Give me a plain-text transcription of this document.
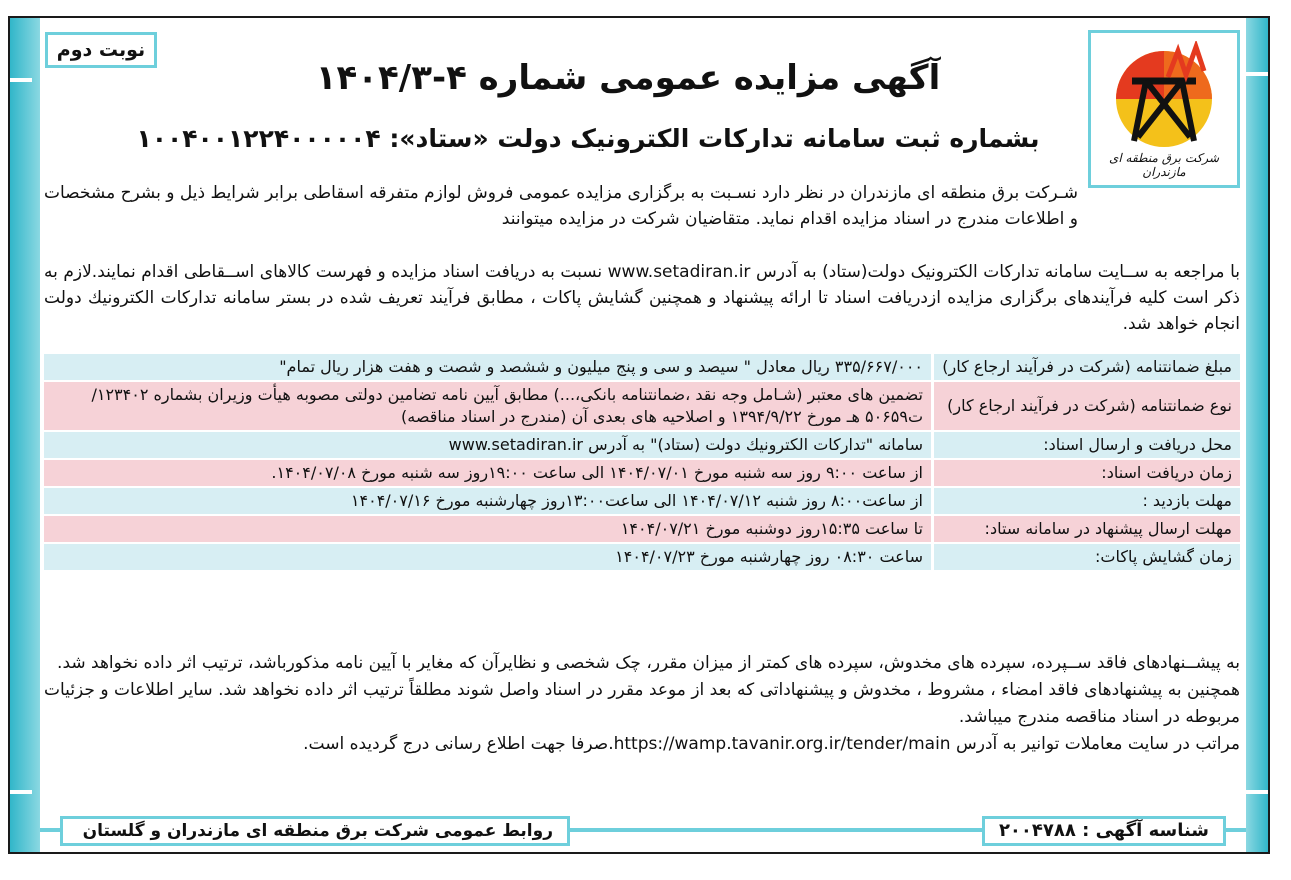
نوبت دوم
شرکت برق منطقه ای مازندران
آگهی مزایده عمومی شماره ۴-۱۴۰۴/۳
بشماره ثبت سامانه تدارکات الکترونیک دولت «ستاد»: ۱۰۰۴۰۰۱۲۲۴۰۰۰۰۰۴
شـرکت برق منطقه ای مازندران در نظر دارد نسـبت به برگزاری مزایده عمومی فروش لوازم متفرقه اسقاطی برابر شرایط ذیل و بشرح مشخصات و اطلاعات مندرج در اسناد مزایده اقدام نماید. متقاضیان شرکت در مزایده میتوانند
با مراجعه به ســایت سامانه تدارکات الکترونیک دولت(ستاد) به آدرس www.setadiran.ir نسبت به دریافت اسناد مزایده و فهرست کالاهای اســقاطی اقدام نمایند.لازم به ذکر است کلیه فرآیندهای برگزاری مزایده ازدریافت اسناد تا ارائه پیشنهاد و همچنین گشایش پاکات ، مطابق فرآیند تعریف شده در بستر سامانه تدارکات الکترونیك دولت انجام خواهد شد.
مبلغ ضمانتنامه (شرکت در فرآیند ارجاع کار)	۳۳۵/۶۶۷/۰۰۰ ریال معادل " سیصد و سی و پنج میلیون و ششصد و شصت و هفت هزار ریال تمام"
نوع ضمانتنامه (شرکت در فرآیند ارجاع کار)	تضمین های معتبر (شـامل وجه نقد ،ضمانتنامه بانکی،...) مطابق آیین نامه تضامین دولتی مصوبه هیأت وزیران بشماره ۱۲۳۴۰۲/ت۵۰۶۵۹ هـ مورخ ۱۳۹۴/۹/۲۲ و اصلاحیه های بعدی آن (مندرج در اسناد مناقصه)
محل دریافت و ارسال اسناد:	سامانه "تدارکات الکترونیك دولت (ستاد)" به آدرس www.setadiran.ir
زمان دریافت اسناد:	از ساعت ۹:۰۰ روز سه شنبه مورخ ۱۴۰۴/۰۷/۰۱ الی ساعت ۱۹:۰۰روز سه شنبه مورخ ۱۴۰۴/۰۷/۰۸.
مهلت بازدید :	از ساعت۸:۰۰ روز شنبه ۱۴۰۴/۰۷/۱۲ الی ساعت۱۳:۰۰روز چهارشنبه مورخ ۱۴۰۴/۰۷/۱۶
مهلت ارسال پیشنهاد در سامانه ستاد:	تا ساعت ۱۵:۳۵روز دوشنبه مورخ ۱۴۰۴/۰۷/۲۱
زمان گشایش پاکات:	ساعت ۰۸:۳۰ روز چهارشنبه مورخ ۱۴۰۴/۰۷/۲۳
به پیشــنهادهای فاقد ســپرده، سپرده های مخدوش، سپرده های کمتر از میزان مقرر، چک شخصی و نظایرآن که مغایر با آیین نامه مذکورباشد، ترتیب اثر داده نخواهد شد.
همچنین به پیشنهادهای فاقد امضاء ، مشروط ، مخدوش و پیشنهاداتی که بعد از موعد مقرر در اسناد واصل شوند مطلقاً ترتیب اثر داده نخواهد شد. سایر اطلاعات و جزئیات مربوطه در اسناد مناقصه مندرج میباشد.
مراتب در سایت معاملات توانیر به آدرس https://wamp.tavanir.org.ir/tender/main.صرفا جهت اطلاع رسانی درج گردیده است.
شناسه آگهی : ۲۰۰۴۷۸۸
روابط عمومی شرکت برق منطقه ای مازندران و گلستان
